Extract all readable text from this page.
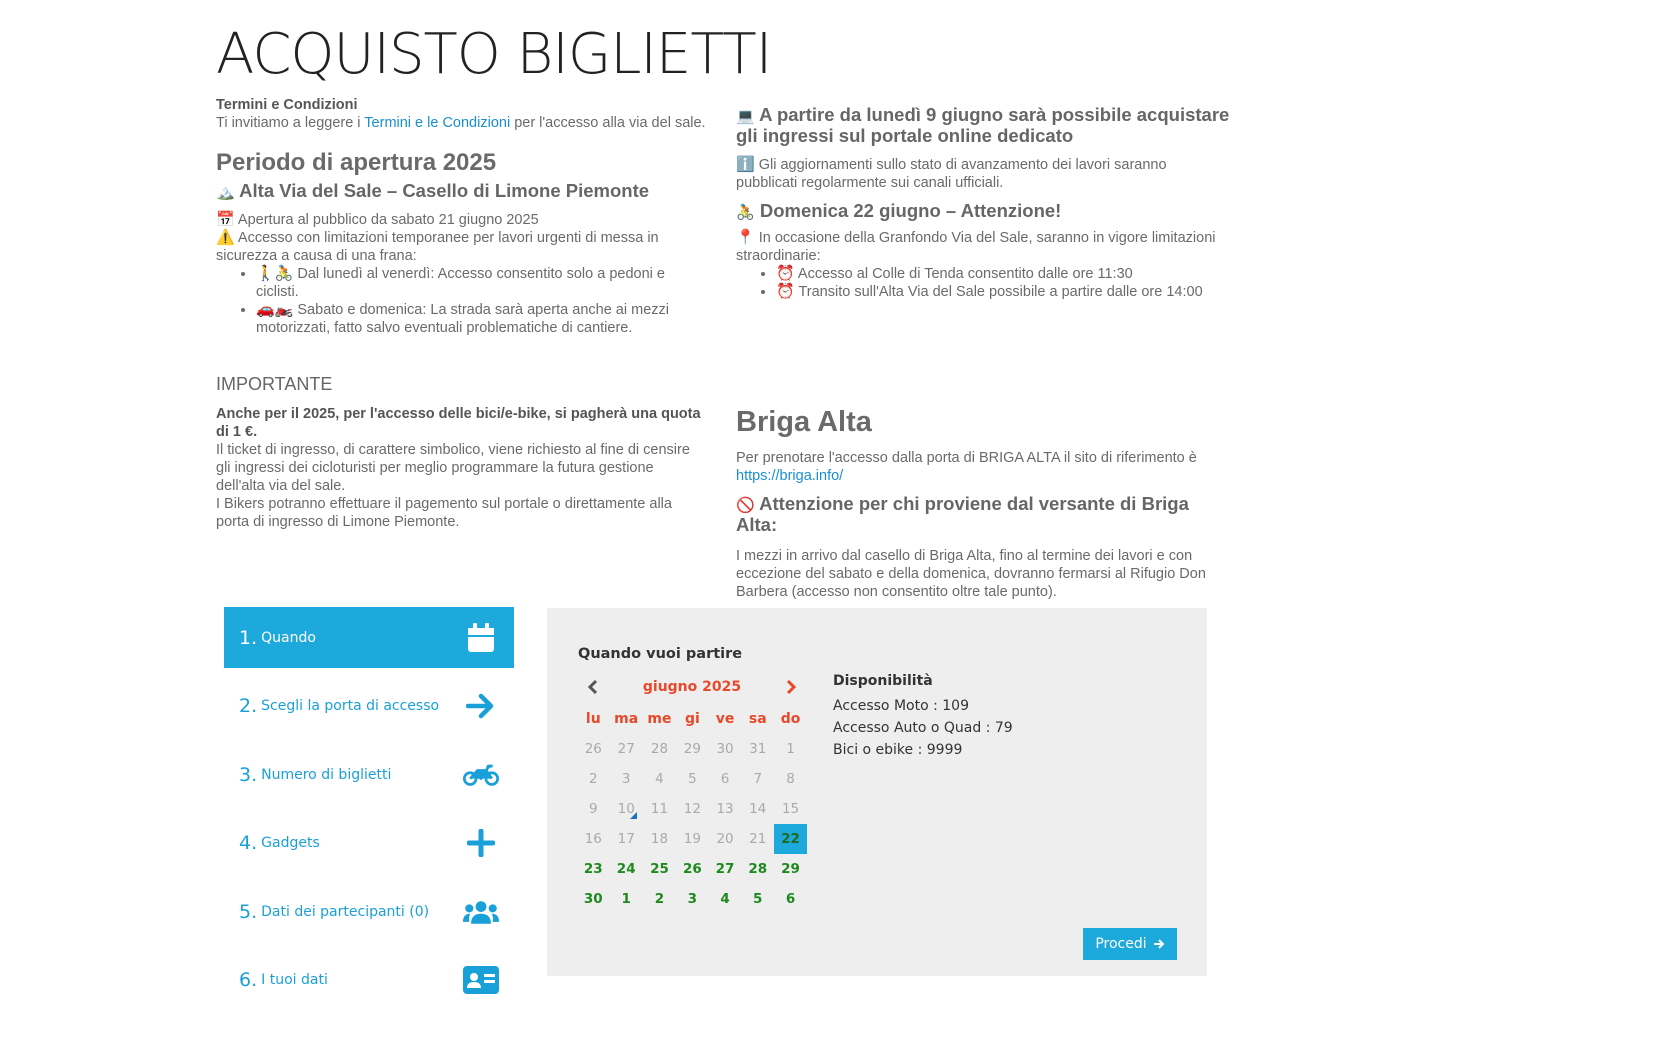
ACQUISTO BIGLIETTI

Termini e Condizioni

Ti invitiamo a leggere i Termini e le Condizioni per l'accesso alla via del sale.

Periodo di apertura 2025

🏔️ Alta Via del Sale – Casello di Limone Piemonte

📅 Apertura al pubblico da sabato 21 giugno 2025

⚠️ Accesso con limitazioni temporanee per lavori urgenti di messa in sicurezza a causa di una frana:

• 🚶🚴 Dal lunedì al venerdì: Accesso consentito solo a pedoni e ciclisti.
• 🚗🏍️ Sabato e domenica: La strada sarà aperta anche ai mezzi motorizzati, fatto salvo eventuali problematiche di cantiere.

IMPORTANTE

Anche per il 2025, per l'accesso delle bici/e-bike, si pagherà una quota di 1 €.

Il ticket di ingresso, di carattere simbolico, viene richiesto al fine di censire gli ingressi dei cicloturisti per meglio programmare la futura gestione dell'alta via del sale.

I Bikers potranno effettuare il pagemento sul portale o direttamente alla porta di ingresso di Limone Piemonte.

💻 A partire da lunedì 9 giugno sarà possibile acquistare gli ingressi sul portale online dedicato

ℹ️ Gli aggiornamenti sullo stato di avanzamento dei lavori saranno pubblicati regolarmente sui canali ufficiali.

🚴 Domenica 22 giugno – Attenzione!

📍 In occasione della Granfondo Via del Sale, saranno in vigore limitazioni straordinarie:

• ⏰ Accesso al Colle di Tenda consentito dalle ore 11:30
• ⏰ Transito sull'Alta Via del Sale possibile a partire dalle ore 14:00

Briga Alta

Per prenotare l'accesso dalla porta di BRIGA ALTA il sito di riferimento è

https://briga.info/

🚫 Attenzione per chi proviene dal versante di Briga Alta:

I mezzi in arrivo dal casello di Briga Alta, fino al termine dei lavori e con eccezione del sabato e della domenica, dovranno fermarsi al Rifugio Don Barbera (accesso non consentito oltre tale punto).

1. Quando
2. Scegli la porta di accesso
3. Numero di biglietti
4. Gadgets
5. Dati dei partecipanti (0)
6. I tuoi dati
Quando vuoi partire
giugno 2025
lu	ma	me	gi	ve	sa	do
26	27	28	29	30	31	1
2	3	4	5	6	7	8
9	10	11	12	13	14	15
16	17	18	19	20	21	22
23	24	25	26	27	28	29
30	1	2	3	4	5	6
Disponibilità
Accesso Moto : 109
Accesso Auto o Quad : 79
Bici o ebike : 9999
Procedi
